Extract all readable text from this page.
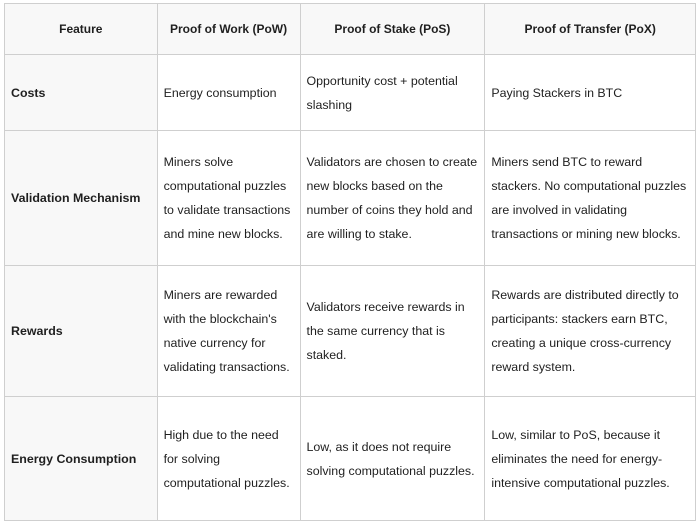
Feature	Proof of Work (PoW)	Proof of Stake (PoS)	Proof of Transfer (PoX)
Costs	Energy consumption	Opportunity cost + potential slashing	Paying Stackers in BTC
Validation Mechanism	Miners solve computational puzzles to validate transactions and mine new blocks.	Validators are chosen to create new blocks based on the number of coins they hold and are willing to stake.	Miners send BTC to reward stackers. No computational puzzles are involved in validating transactions or mining new blocks.
Rewards	Miners are rewarded with the blockchain's native currency for validating transactions.	Validators receive rewards in the same currency that is staked.	Rewards are distributed directly to participants: stackers earn BTC, creating a unique cross-currency reward system.
Energy Consumption	High due to the need for solving computational puzzles.	Low, as it does not require solving computational puzzles.	Low, similar to PoS, because it eliminates the need for energy-intensive computational puzzles.
